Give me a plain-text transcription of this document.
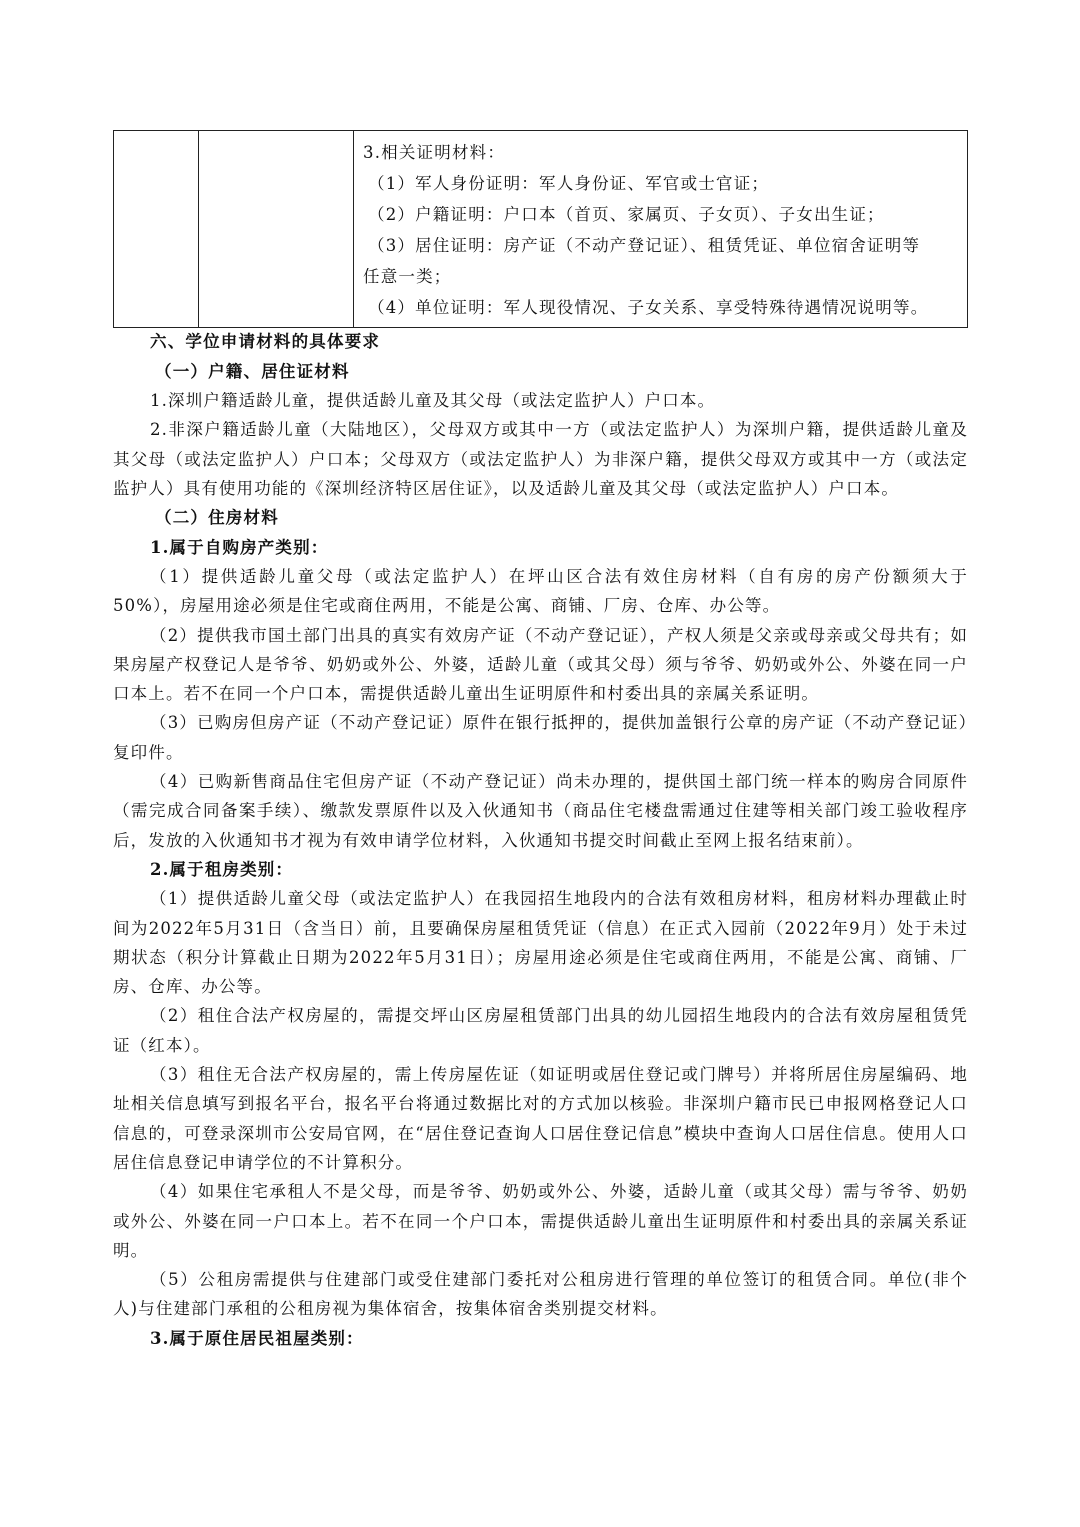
3.相关证明材料：
（1）军人身份证明：军人身份证、军官或士官证；
（2）户籍证明：户口本（首页、家属页、子女页）、子女出生证；
（3）居住证明：房产证（不动产登记证）、租赁凭证、单位宿舍证明等
任意一类；
（4）单位证明：军人现役情况、子女关系、享受特殊待遇情况说明等。

六、学位申请材料的具体要求

（一）户籍、居住证材料

1.深圳户籍适龄儿童，提供适龄儿童及其父母（或法定监护人）户口本。

2.非深户籍适龄儿童（大陆地区），父母双方或其中一方（或法定监护人）为深圳户籍，提供适龄儿童及其父母（或法定监护人）户口本；父母双方（或法定监护人）为非深户籍，提供父母双方或其中一方（或法定监护人）具有使用功能的《深圳经济特区居住证》，以及适龄儿童及其父母（或法定监护人）户口本。

（二）住房材料

1.属于自购房产类别：

（1）提供适龄儿童父母（或法定监护人）在坪山区合法有效住房材料（自有房的房产份额须大于50%），房屋用途必须是住宅或商住两用，不能是公寓、商铺、厂房、仓库、办公等。

（2）提供我市国土部门出具的真实有效房产证（不动产登记证），产权人须是父亲或母亲或父母共有；如果房屋产权登记人是爷爷、奶奶或外公、外婆，适龄儿童（或其父母）须与爷爷、奶奶或外公、外婆在同一户口本上。若不在同一个户口本，需提供适龄儿童出生证明原件和村委出具的亲属关系证明。

（3）已购房但房产证（不动产登记证）原件在银行抵押的，提供加盖银行公章的房产证（不动产登记证）复印件。

（4）已购新售商品住宅但房产证（不动产登记证）尚未办理的，提供国土部门统一样本的购房合同原件（需完成合同备案手续）、缴款发票原件以及入伙通知书（商品住宅楼盘需通过住建等相关部门竣工验收程序后，发放的入伙通知书才视为有效申请学位材料，入伙通知书提交时间截止至网上报名结束前）。

2.属于租房类别：

（1）提供适龄儿童父母（或法定监护人）在我园招生地段内的合法有效租房材料，租房材料办理截止时间为2022年5月31日（含当日）前，且要确保房屋租赁凭证（信息）在正式入园前（2022年9月）处于未过期状态（积分计算截止日期为2022年5月31日）；房屋用途必须是住宅或商住两用，不能是公寓、商铺、厂房、仓库、办公等。

（2）租住合法产权房屋的，需提交坪山区房屋租赁部门出具的幼儿园招生地段内的合法有效房屋租赁凭证（红本）。

（3）租住无合法产权房屋的，需上传房屋佐证（如证明或居住登记或门牌号）并将所居住房屋编码、地址相关信息填写到报名平台，报名平台将通过数据比对的方式加以核验。非深圳户籍市民已申报网格登记人口信息的，可登录深圳市公安局官网，在“居住登记查询人口居住登记信息”模块中查询人口居住信息。使用人口居住信息登记申请学位的不计算积分。

（4）如果住宅承租人不是父母，而是爷爷、奶奶或外公、外婆，适龄儿童（或其父母）需与爷爷、奶奶或外公、外婆在同一户口本上。若不在同一个户口本，需提供适龄儿童出生证明原件和村委出具的亲属关系证明。

（5）公租房需提供与住建部门或受住建部门委托对公租房进行管理的单位签订的租赁合同。单位(非个人)与住建部门承租的公租房视为集体宿舍，按集体宿舍类别提交材料。

3.属于原住居民祖屋类别：
